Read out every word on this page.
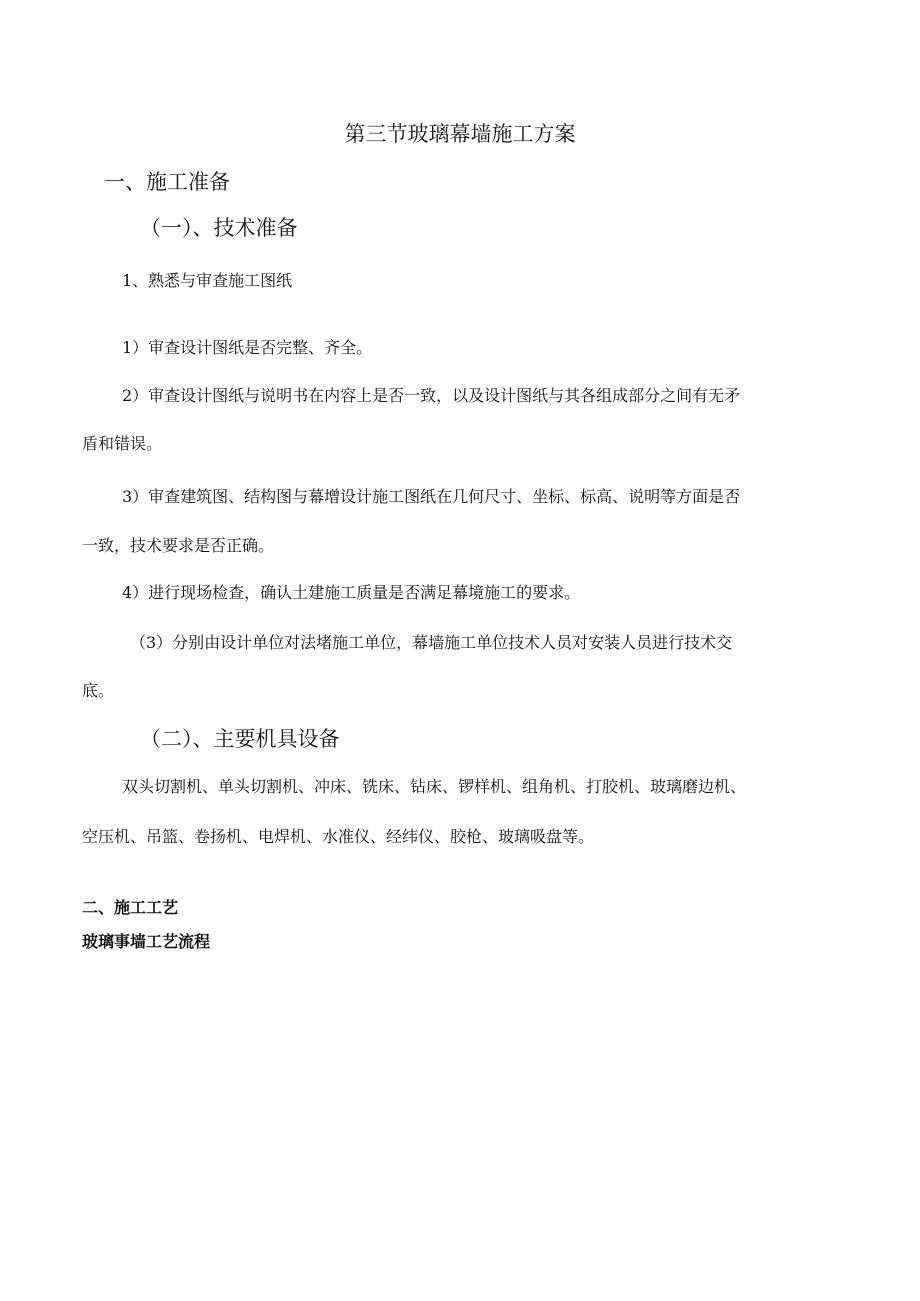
第三节玻璃幕墙施工方案
一、施工准备
（一）、技术准备
1、熟悉与审查施工图纸
1）审查设计图纸是否完整、齐全。
2）审查设计图纸与说明书在内容上是否一致，以及设计图纸与其各组成部分之间有无矛
盾和错误。
3）审查建筑图、结构图与幕增设计施工图纸在几何尺寸、坐标、标高、说明等方面是否
一致，技术要求是否正确。
4）进行现场检查，确认土建施工质量是否满足幕境施工的要求。
（3）分别由设计单位对法堵施工单位，幕墙施工单位技术人员对安装人员进行技术交
底。
（二）、主要机具设备
双头切割机、单头切割机、冲床、铣床、钻床、锣样机、组角机、打胶机、玻璃磨边机、
空压机、吊篮、卷扬机、电焊机、水准仪、经纬仪、胶枪、玻璃吸盘等。
二、施工工艺
玻璃事墙工艺流程
